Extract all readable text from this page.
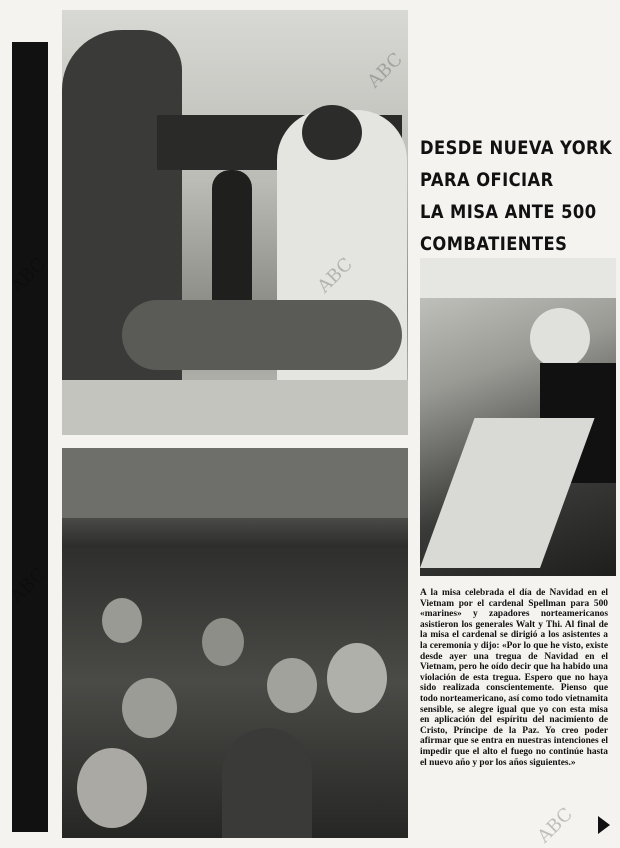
DESDE NUEVA YORK
PARA OFICIAR
LA MISA ANTE 500
COMBATIENTES
A la misa celebrada el día de Navidad en el Vietnam por el cardenal Spellman para 500 «marines» y zapadores norteamericanos asistieron los generales Walt y Thi. Al final de la misa el cardenal se dirigió a los asistentes a la ceremonia y dijo: «Por lo que he visto, existe desde ayer una tregua de Navidad en el Vietnam, pero he oído decir que ha habido una violación de esta tregua. Espero que no haya sido realizada conscientemente. Pienso que todo norteamericano, así como todo vietnamita sensible, se alegre igual que yo con esta misa en aplicación del espíritu del nacimiento de Cristo, Príncipe de la Paz. Yo creo poder afirmar que se entra en nuestras intenciones el impedir que el alto el fuego no continúe hasta el nuevo año y por los años siguientes.»
ABC
ABC	ABC
ABC
ABC
